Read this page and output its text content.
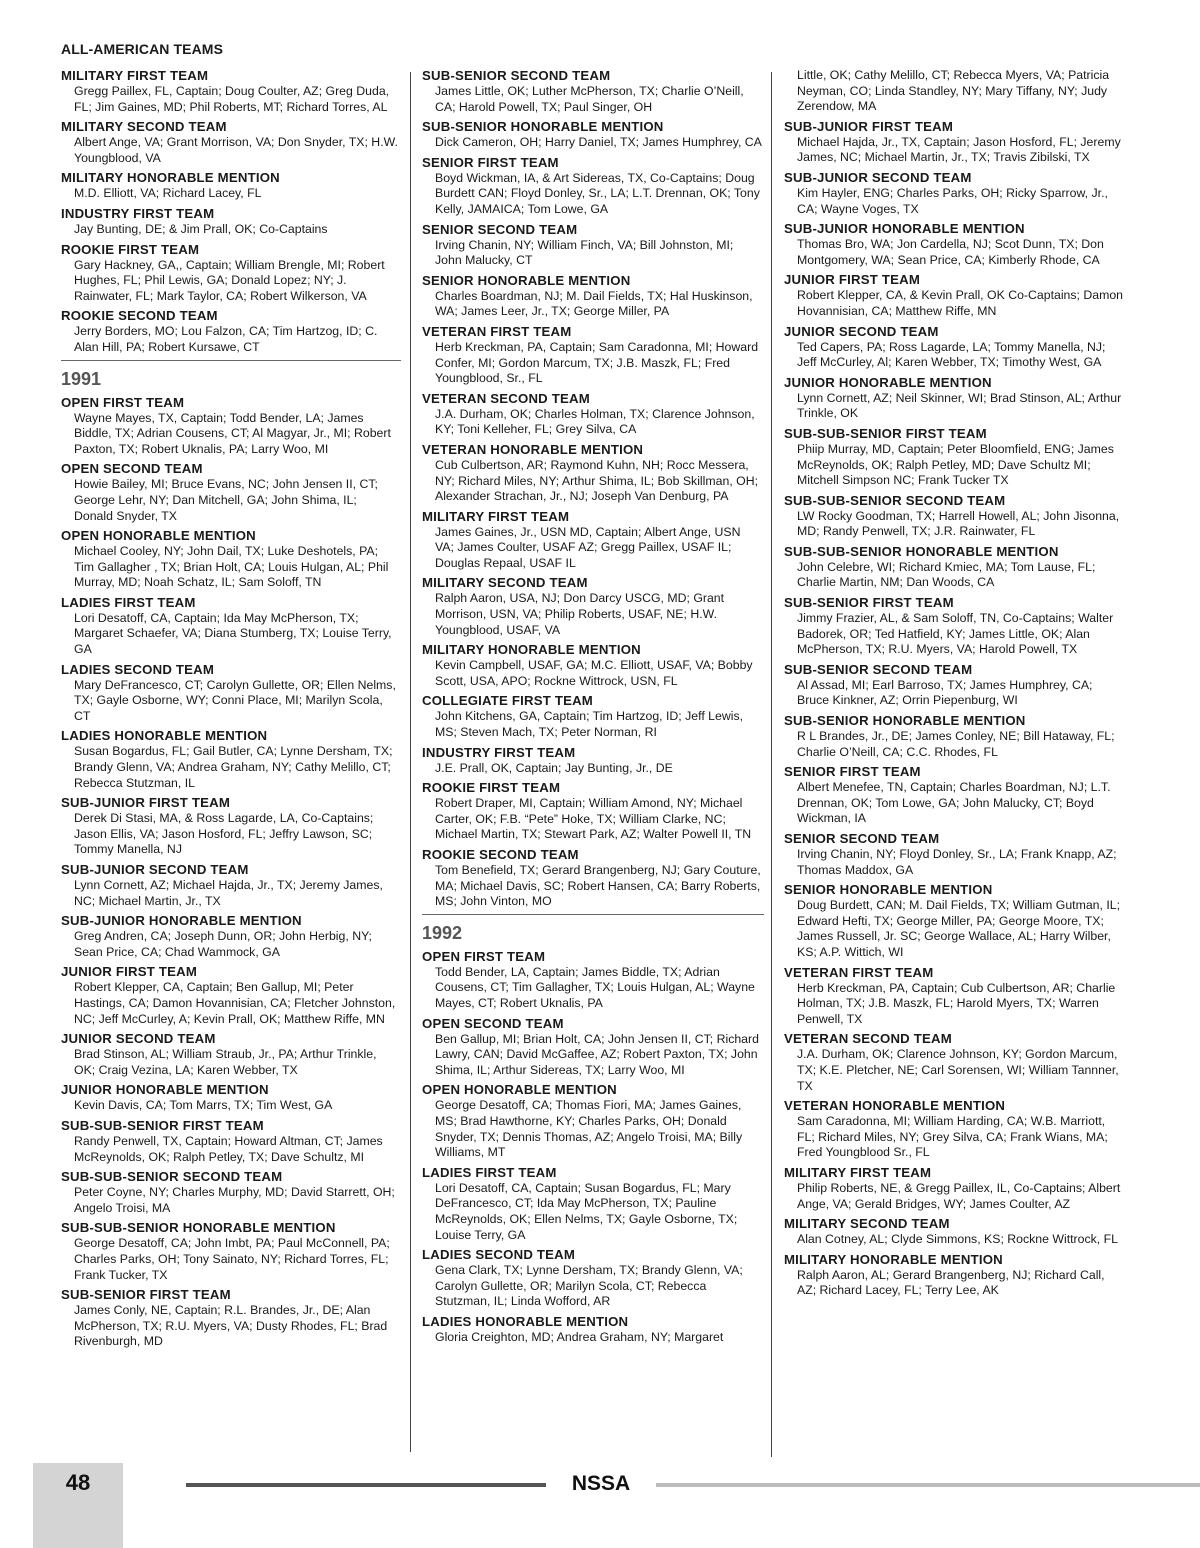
ALL-AMERICAN TEAMS
MILITARY FIRST TEAM
Gregg Paillex, FL, Captain; Doug Coulter, AZ; Greg Duda, FL; Jim Gaines, MD; Phil Roberts, MT; Richard Torres, AL
MILITARY SECOND TEAM
Albert Ange, VA; Grant Morrison, VA; Don Snyder, TX; H.W. Youngblood, VA
MILITARY HONORABLE MENTION
M.D. Elliott, VA; Richard Lacey, FL
INDUSTRY FIRST TEAM
Jay Bunting, DE; & Jim Prall, OK; Co-Captains
ROOKIE FIRST TEAM
Gary Hackney, GA,, Captain; William Brengle, MI; Robert Hughes, FL; Phil Lewis, GA; Donald Lopez; NY; J. Rainwater, FL; Mark Taylor, CA; Robert Wilkerson, VA
ROOKIE SECOND TEAM
Jerry Borders, MO; Lou Falzon, CA; Tim Hartzog, ID; C. Alan Hill, PA; Robert Kursawe, CT
1991
OPEN FIRST TEAM
Wayne Mayes, TX, Captain; Todd Bender, LA; James Biddle, TX; Adrian Cousens, CT; Al Magyar, Jr., MI; Robert Paxton, TX; Robert Uknalis, PA; Larry Woo, MI
OPEN SECOND TEAM
Howie Bailey, MI; Bruce Evans, NC; John Jensen II, CT; George Lehr, NY; Dan Mitchell, GA; John Shima, IL; Donald Snyder, TX
OPEN HONORABLE MENTION
Michael Cooley, NY; John Dail, TX; Luke Deshotels, PA; Tim Gallagher , TX; Brian Holt, CA; Louis Hulgan, AL; Phil Murray, MD; Noah Schatz, IL; Sam Soloff, TN
LADIES FIRST TEAM
Lori Desatoff, CA, Captain; Ida May McPherson, TX; Margaret Schaefer, VA; Diana Stumberg, TX; Louise Terry, GA
LADIES SECOND TEAM
Mary DeFrancesco, CT; Carolyn Gullette, OR; Ellen Nelms, TX; Gayle Osborne, WY; Conni Place, MI; Marilyn Scola, CT
LADIES HONORABLE MENTION
Susan Bogardus, FL; Gail Butler, CA; Lynne Dersham, TX; Brandy Glenn, VA; Andrea Graham, NY; Cathy Melillo, CT; Rebecca Stutzman, IL
SUB-JUNIOR FIRST TEAM
Derek Di Stasi, MA, & Ross Lagarde, LA, Co-Captains; Jason Ellis, VA; Jason Hosford, FL; Jeffry Lawson, SC; Tommy Manella, NJ
SUB-JUNIOR SECOND TEAM
Lynn Cornett, AZ; Michael Hajda, Jr., TX; Jeremy James, NC; Michael Martin, Jr., TX
SUB-JUNIOR HONORABLE MENTION
Greg Andren, CA; Joseph Dunn, OR; John Herbig, NY; Sean Price, CA; Chad Wammock, GA
JUNIOR FIRST TEAM
Robert Klepper, CA, Captain; Ben Gallup, MI; Peter Hastings, CA; Damon Hovannisian, CA; Fletcher Johnston, NC; Jeff McCurley, A; Kevin Prall, OK; Matthew Riffe, MN
JUNIOR SECOND TEAM
Brad Stinson, AL; William Straub, Jr., PA; Arthur Trinkle, OK; Craig Vezina, LA; Karen Webber, TX
JUNIOR HONORABLE MENTION
Kevin Davis, CA; Tom Marrs, TX; Tim West, GA
SUB-SUB-SENIOR FIRST TEAM
Randy Penwell, TX, Captain; Howard Altman, CT; James McReynolds, OK; Ralph Petley, TX; Dave Schultz, MI
SUB-SUB-SENIOR SECOND TEAM
Peter Coyne, NY; Charles Murphy, MD; David Starrett, OH; Angelo Troisi, MA
SUB-SUB-SENIOR HONORABLE MENTION
George Desatoff, CA; John Imbt, PA; Paul McConnell, PA; Charles Parks, OH; Tony Sainato, NY; Richard Torres, FL; Frank Tucker, TX
SUB-SENIOR FIRST TEAM
James Conly, NE, Captain; R.L. Brandes, Jr., DE; Alan McPherson, TX; R.U. Myers, VA; Dusty Rhodes, FL; Brad Rivenburgh, MD
SUB-SENIOR SECOND TEAM
James Little, OK; Luther McPherson, TX; Charlie O’Neill, CA; Harold Powell, TX; Paul Singer, OH
SUB-SENIOR HONORABLE MENTION
Dick Cameron, OH; Harry Daniel, TX; James Humphrey, CA
SENIOR FIRST TEAM
Boyd Wickman, IA, & Art Sidereas, TX, Co-Captains; Doug Burdett CAN; Floyd Donley, Sr., LA; L.T. Drennan, OK; Tony Kelly, JAMAICA; Tom Lowe, GA
SENIOR SECOND TEAM
Irving Chanin, NY; William Finch, VA; Bill Johnston, MI; John Malucky, CT
SENIOR HONORABLE MENTION
Charles Boardman, NJ; M. Dail Fields, TX; Hal Huskinson, WA; James Leer, Jr., TX; George Miller, PA
VETERAN FIRST TEAM
Herb Kreckman, PA, Captain; Sam Caradonna, MI; Howard Confer, MI; Gordon Marcum, TX; J.B. Maszk, FL; Fred Youngblood, Sr., FL
VETERAN SECOND TEAM
J.A. Durham, OK; Charles Holman, TX; Clarence Johnson, KY; Toni Kelleher, FL; Grey Silva, CA
VETERAN HONORABLE MENTION
Cub Culbertson, AR; Raymond Kuhn, NH; Rocc Messera, NY; Richard Miles, NY; Arthur Shima, IL; Bob Skillman, OH; Alexander Strachan, Jr., NJ; Joseph Van Denburg, PA
MILITARY FIRST TEAM
James Gaines, Jr., USN MD, Captain; Albert Ange, USN VA; James Coulter, USAF AZ; Gregg Paillex, USAF IL; Douglas Repaal, USAF IL
MILITARY SECOND TEAM
Ralph Aaron, USA, NJ; Don Darcy USCG, MD; Grant Morrison, USN, VA; Philip Roberts, USAF, NE; H.W. Youngblood, USAF, VA
MILITARY HONORABLE MENTION
Kevin Campbell, USAF, GA; M.C. Elliott, USAF, VA; Bobby Scott, USA, APO; Rockne Wittrock, USN, FL
COLLEGIATE FIRST TEAM
John Kitchens, GA, Captain; Tim Hartzog, ID; Jeff Lewis, MS; Steven Mach, TX; Peter Norman, RI
INDUSTRY FIRST TEAM
J.E. Prall, OK, Captain; Jay Bunting, Jr., DE
ROOKIE FIRST TEAM
Robert Draper, MI, Captain; William Amond, NY; Michael Carter, OK; F.B. “Pete” Hoke, TX; William Clarke, NC; Michael Martin, TX; Stewart Park, AZ; Walter Powell II, TN
ROOKIE SECOND TEAM
Tom Benefield, TX; Gerard Brangenberg, NJ; Gary Couture, MA; Michael Davis, SC; Robert Hansen, CA; Barry Roberts, MS; John Vinton, MO
1992
OPEN FIRST TEAM
Todd Bender, LA, Captain; James Biddle, TX; Adrian Cousens, CT; Tim Gallagher, TX; Louis Hulgan, AL; Wayne Mayes, CT; Robert Uknalis, PA
OPEN SECOND TEAM
Ben Gallup, MI; Brian Holt, CA; John Jensen II, CT; Richard Lawry, CAN; David McGaffee, AZ; Robert Paxton, TX; John Shima, IL; Arthur Sidereas, TX; Larry Woo, MI
OPEN HONORABLE MENTION
George Desatoff, CA; Thomas Fiori, MA; James Gaines, MS; Brad Hawthorne, KY; Charles Parks, OH; Donald Snyder, TX; Dennis Thomas, AZ; Angelo Troisi, MA; Billy Williams, MT
LADIES FIRST TEAM
Lori Desatoff, CA, Captain; Susan Bogardus, FL; Mary DeFrancesco, CT; Ida May McPherson, TX; Pauline McReynolds, OK; Ellen Nelms, TX; Gayle Osborne, TX; Louise Terry, GA
LADIES SECOND TEAM
Gena Clark, TX; Lynne Dersham, TX; Brandy Glenn, VA; Carolyn Gullette, OR; Marilyn Scola, CT; Rebecca Stutzman, IL; Linda Wofford, AR
LADIES HONORABLE MENTION
Gloria Creighton, MD; Andrea Graham, NY; Margaret
Little, OK; Cathy Melillo, CT; Rebecca Myers, VA; Patricia Neyman, CO; Linda Standley, NY; Mary Tiffany, NY; Judy Zerendow, MA
SUB-JUNIOR FIRST TEAM
Michael Hajda, Jr., TX, Captain; Jason Hosford, FL; Jeremy James, NC; Michael Martin, Jr., TX; Travis Zibilski, TX
SUB-JUNIOR SECOND TEAM
Kim Hayler, ENG; Charles Parks, OH; Ricky Sparrow, Jr., CA; Wayne Voges, TX
SUB-JUNIOR HONORABLE MENTION
Thomas Bro, WA; Jon Cardella, NJ; Scot Dunn, TX; Don Montgomery, WA; Sean Price, CA; Kimberly Rhode, CA
JUNIOR FIRST TEAM
Robert Klepper, CA, & Kevin Prall, OK Co-Captains; Damon Hovannisian, CA; Matthew Riffe, MN
JUNIOR SECOND TEAM
Ted Capers, PA; Ross Lagarde, LA; Tommy Manella, NJ; Jeff McCurley, Al; Karen Webber, TX; Timothy West, GA
JUNIOR HONORABLE MENTION
Lynn Cornett, AZ; Neil Skinner, WI; Brad Stinson, AL; Arthur Trinkle, OK
SUB-SUB-SENIOR FIRST TEAM
Phiip Murray, MD, Captain; Peter Bloomfield, ENG; James McReynolds, OK; Ralph Petley, MD; Dave Schultz MI; Mitchell Simpson NC; Frank Tucker TX
SUB-SUB-SENIOR SECOND TEAM
LW Rocky Goodman, TX; Harrell Howell, AL; John Jisonna, MD; Randy Penwell, TX; J.R. Rainwater, FL
SUB-SUB-SENIOR HONORABLE MENTION
John Celebre, WI; Richard Kmiec, MA; Tom Lause, FL; Charlie Martin, NM; Dan Woods, CA
SUB-SENIOR FIRST TEAM
Jimmy Frazier, AL, & Sam Soloff, TN, Co-Captains; Walter Badorek, OR; Ted Hatfield, KY; James Little, OK; Alan McPherson, TX; R.U. Myers, VA; Harold Powell, TX
SUB-SENIOR SECOND TEAM
Al Assad, MI; Earl Barroso, TX; James Humphrey, CA; Bruce Kinkner, AZ; Orrin Piepenburg, WI
SUB-SENIOR HONORABLE MENTION
R L Brandes, Jr., DE; James Conley, NE; Bill Hataway, FL; Charlie O’Neill, CA; C.C. Rhodes, FL
SENIOR FIRST TEAM
Albert Menefee, TN, Captain; Charles Boardman, NJ; L.T. Drennan, OK; Tom Lowe, GA; John Malucky, CT; Boyd Wickman, IA
SENIOR SECOND TEAM
Irving Chanin, NY; Floyd Donley, Sr., LA; Frank Knapp, AZ; Thomas Maddox, GA
SENIOR HONORABLE MENTION
Doug Burdett, CAN; M. Dail Fields, TX; William Gutman, IL; Edward Hefti, TX; George Miller, PA; George Moore, TX; James Russell, Jr. SC; George Wallace, AL; Harry Wilber, KS; A.P. Wittich, WI
VETERAN FIRST TEAM
Herb Kreckman, PA, Captain; Cub Culbertson, AR; Charlie Holman, TX; J.B. Maszk, FL; Harold Myers, TX; Warren Penwell, TX
VETERAN SECOND TEAM
J.A. Durham, OK; Clarence Johnson, KY; Gordon Marcum, TX; K.E. Pletcher, NE; Carl Sorensen, WI; William Tannner, TX
VETERAN HONORABLE MENTION
Sam Caradonna, MI; William Harding, CA; W.B. Marriott, FL; Richard Miles, NY; Grey Silva, CA; Frank Wians, MA; Fred Youngblood Sr., FL
MILITARY FIRST TEAM
Philip Roberts, NE, & Gregg Paillex, IL, Co-Captains; Albert Ange, VA; Gerald Bridges, WY; James Coulter, AZ
MILITARY SECOND TEAM
Alan Cotney, AL; Clyde Simmons, KS; Rockne Wittrock, FL
MILITARY HONORABLE MENTION
Ralph Aaron, AL; Gerard Brangenberg, NJ; Richard Call, AZ; Richard Lacey, FL; Terry Lee, AK
48	NSSA
